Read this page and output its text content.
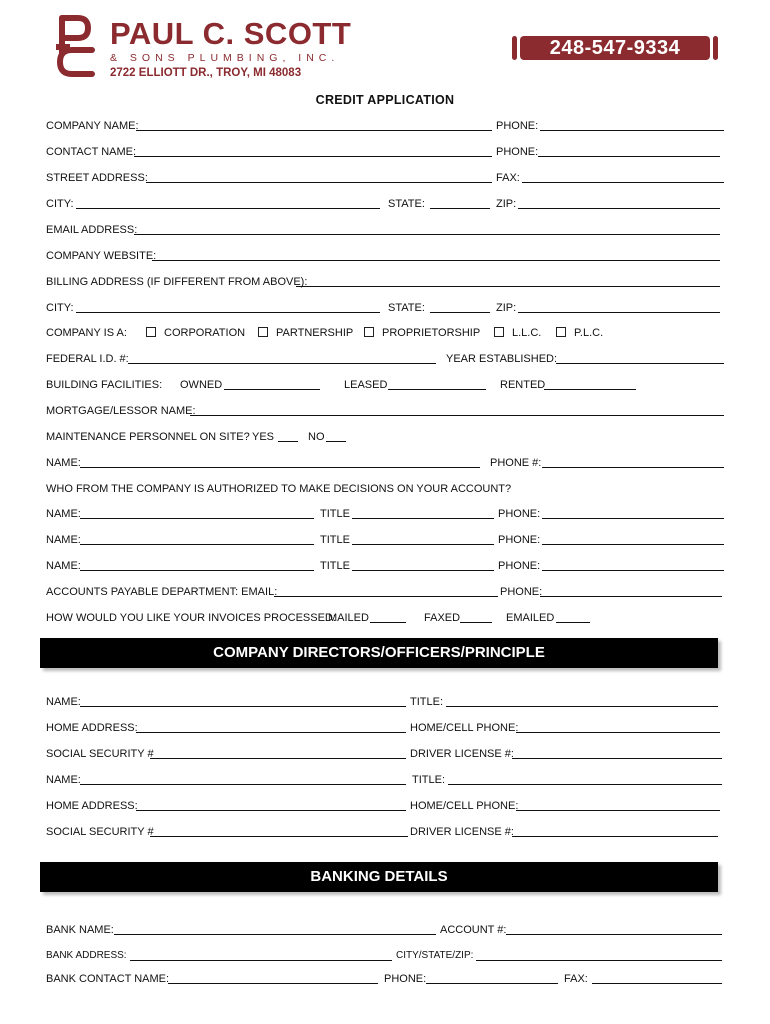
PAUL C. SCOTT
& SONS PLUMBING, INC.
2722 ELLIOTT DR., TROY, MI 48083
248-547-9334
CREDIT APPLICATION
COMPANY NAME:	PHONE:
CONTACT NAME:	PHONE:
STREET ADDRESS:	FAX:
CITY:	STATE:	ZIP:
EMAIL ADDRESS:
COMPANY WEBSITE:
BILLING ADDRESS (IF DIFFERENT FROM ABOVE):
CITY:	STATE:	ZIP:
COMPANY IS A:	CORPORATION	PARTNERSHIP	PROPRIETORSHIP	L.L.C.	P.L.C.
FEDERAL I.D. #:	YEAR ESTABLISHED:
BUILDING FACILITIES: OWNED	LEASED	RENTED
MORTGAGE/LESSOR NAME:
MAINTENANCE PERSONNEL ON SITE? YES	NO
NAME:	PHONE #:
WHO FROM THE COMPANY IS AUTHORIZED TO MAKE DECISIONS ON YOUR ACCOUNT?
NAME:	TITLE	PHONE:
NAME:	TITLE	PHONE:
NAME:	TITLE	PHONE:
ACCOUNTS PAYABLE DEPARTMENT: EMAIL:	PHONE:
HOW WOULD YOU LIKE YOUR INVOICES PROCESSED:
MAILED	FAXED	EMAILED
COMPANY DIRECTORS/OFFICERS/PRINCIPLE
NAME:	TITLE:
HOME ADDRESS:	HOME/CELL PHONE:
SOCIAL SECURITY #	DRIVER LICENSE #:
NAME:	TITLE:
HOME ADDRESS:	HOME/CELL PHONE:
SOCIAL SECURITY #	DRIVER LICENSE #:
BANKING DETAILS
BANK NAME:	ACCOUNT #:
BANK ADDRESS:	CITY/STATE/ZIP:
BANK CONTACT NAME:	PHONE:	FAX:
